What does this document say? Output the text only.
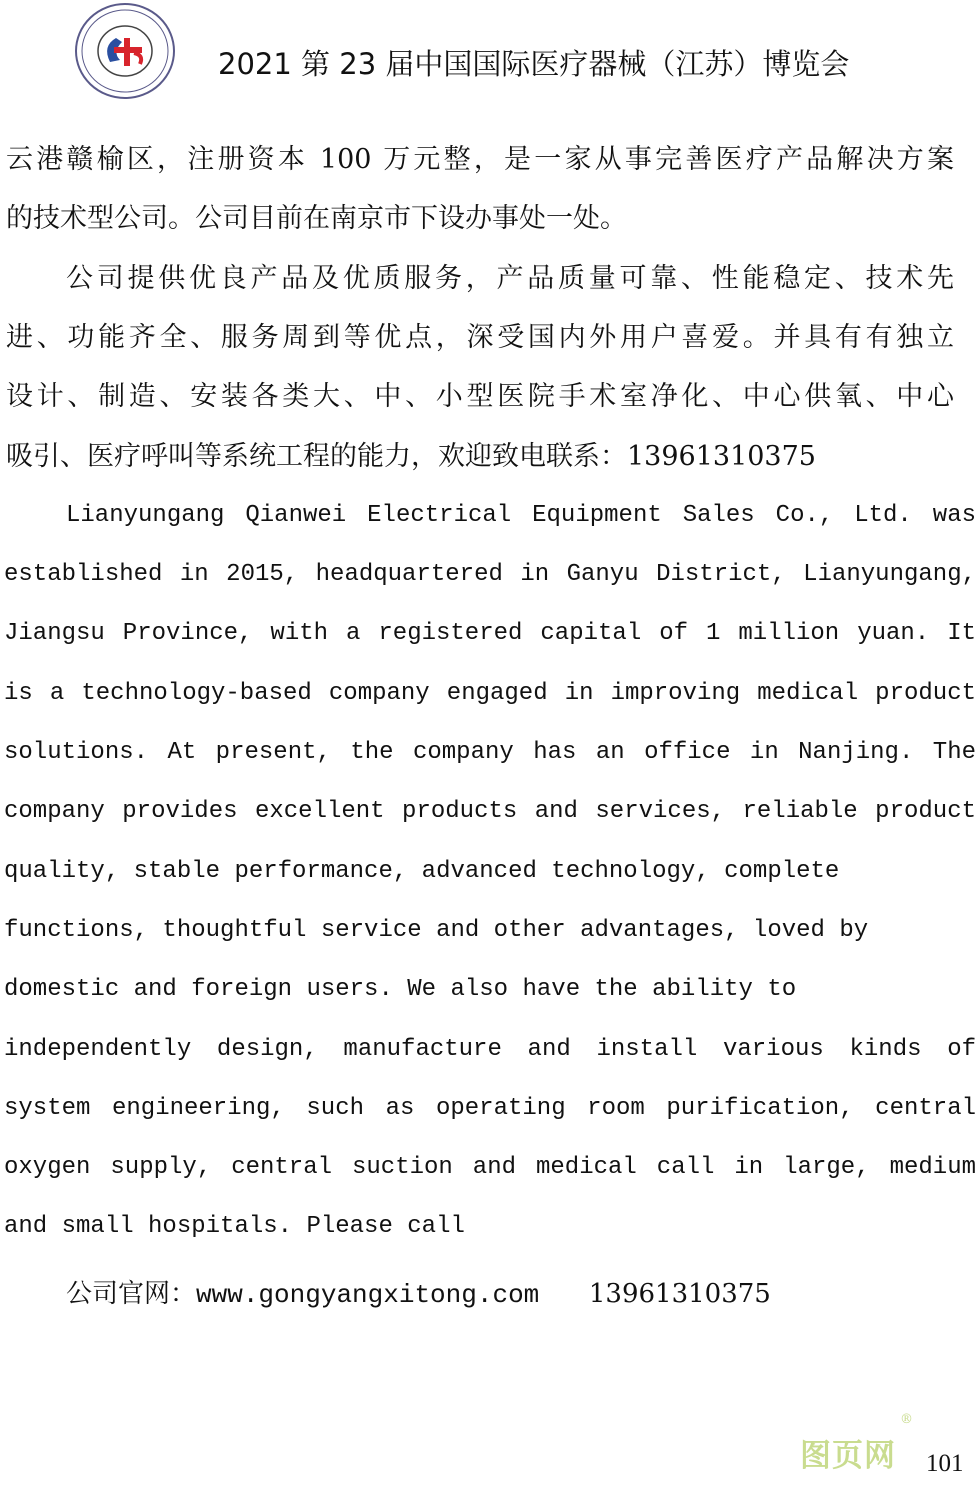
2021 第 23 届中国国际医疗器械（江苏）博览会
云港赣榆区，注册资本 100 万元整，是一家从事完善医疗产品解决方案
的技术型公司。公司目前在南京市下设办事处一处。
公司提供优良产品及优质服务，产品质量可靠、性能稳定、技术先
进、功能齐全、服务周到等优点，深受国内外用户喜爱。并具有有独立
设计、制造、安装各类大、中、小型医院手术室净化、中心供氧、中心
吸引、医疗呼叫等系统工程的能力，欢迎致电联系：13961310375
Lianyungang Qianwei Electrical Equipment Sales Co., Ltd. was
established in 2015, headquartered in Ganyu District, Lianyungang,
Jiangsu Province, with a registered capital of 1 million yuan. It
is a technology-based company engaged in improving medical product
solutions. At present, the company has an office in Nanjing. The
company provides excellent products and services, reliable product
quality, stable performance, advanced technology, complete
functions, thoughtful service and other advantages, loved by
domestic and foreign users. We also have the ability to
independently design, manufacture and install various kinds of
system engineering, such as operating room purification, central
oxygen supply, central suction and medical call in large, medium
and small hospitals. Please call
公司官网：www.gongyangxitong.com 13961310375
图页网
®
101
